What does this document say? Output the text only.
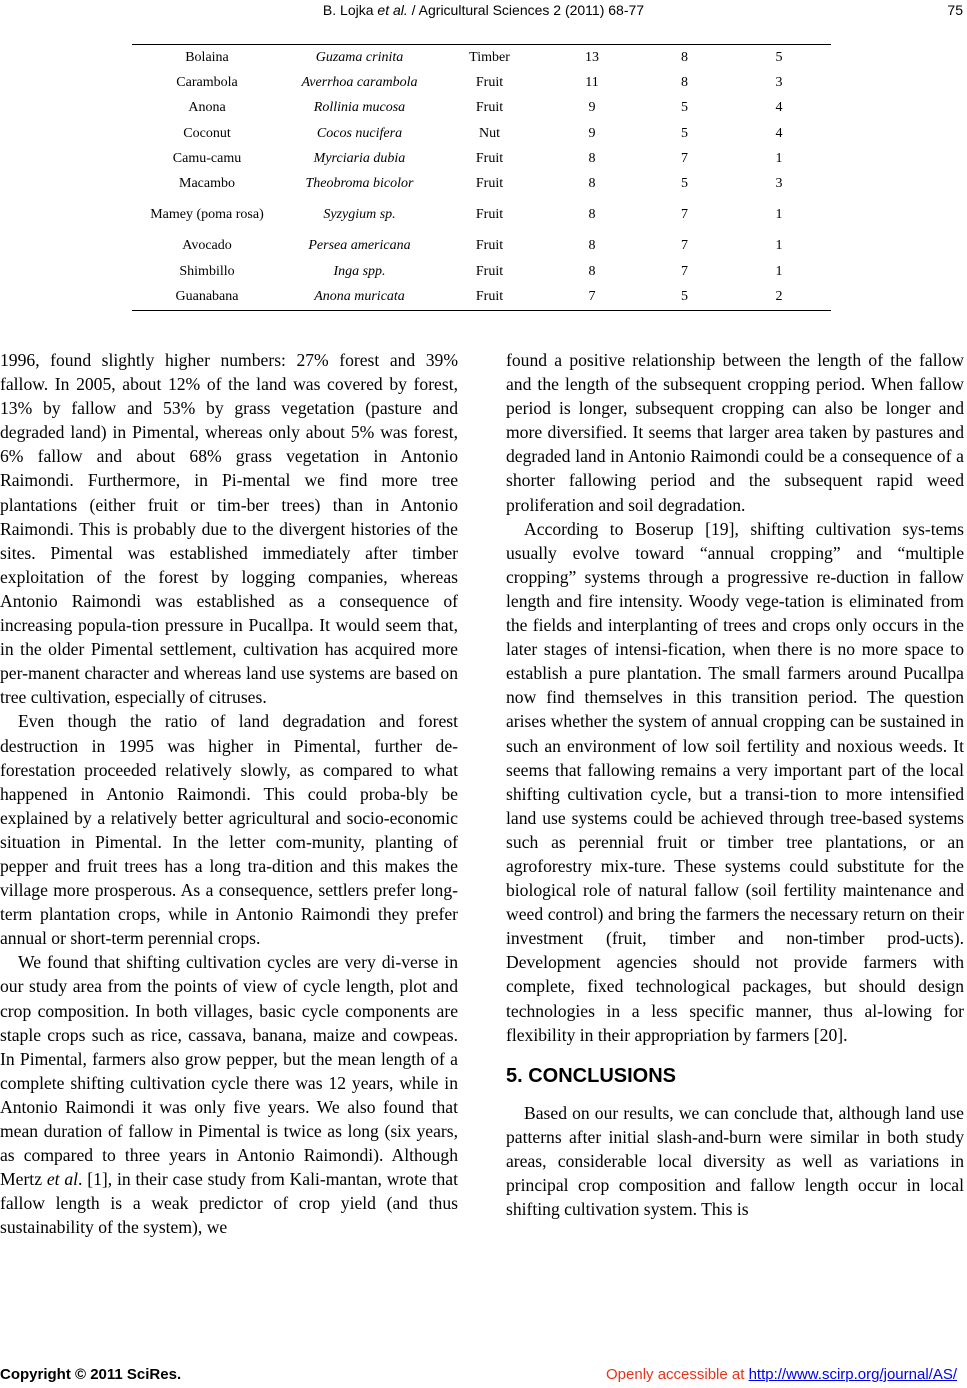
B. Lojka et al. / Agricultural Sciences 2 (2011) 68-77	75
Bolaina	Guzama crinita	Timber	13	8	5
Carambola	Averrhoa carambola	Fruit	11	8	3
Anona	Rollinia mucosa	Fruit	9	5	4
Coconut	Cocos nucifera	Nut	9	5	4
Camu-camu	Myrciaria dubia	Fruit	8	7	1
Macambo	Theobroma bicolor	Fruit	8	5	3
Mamey (poma rosa)	Syzygium sp.	Fruit	8	7	1
Avocado	Persea americana	Fruit	8	7	1
Shimbillo	Inga spp.	Fruit	8	7	1
Guanabana	Anona muricata	Fruit	7	5	2

1996, found slightly higher numbers: 27% forest and 39% fallow. In 2005, about 12% of the land was covered by forest, 13% by fallow and 53% by grass vegetation (pasture and degraded land) in Pimental, whereas only about 5% was forest, 6% fallow and about 68% grass vegetation in Antonio Raimondi. Furthermore, in Pi-mental we find more tree plantations (either fruit or tim-ber trees) than in Antonio Raimondi. This is probably due to the divergent histories of the sites. Pimental was established immediately after timber exploitation of the forest by logging companies, whereas Antonio Raimondi was established as a consequence of increasing popula-tion pressure in Pucallpa. It would seem that, in the older Pimental settlement, cultivation has acquired more per-manent character and whereas land use systems are based on tree cultivation, especially of citruses.

Even though the ratio of land degradation and forest destruction in 1995 was higher in Pimental, further de-forestation proceeded relatively slowly, as compared to what happened in Antonio Raimondi. This could proba-bly be explained by a relatively better agricultural and socio-economic situation in Pimental. In the letter com-munity, planting of pepper and fruit trees has a long tra-dition and this makes the village more prosperous. As a consequence, settlers prefer long-term plantation crops, while in Antonio Raimondi they prefer annual or short-term perennial crops.

We found that shifting cultivation cycles are very di-verse in our study area from the points of view of cycle length, plot and crop composition. In both villages, basic cycle components are staple crops such as rice, cassava, banana, maize and cowpeas. In Pimental, farmers also grow pepper, but the mean length of a complete shifting cultivation cycle there was 12 years, while in Antonio Raimondi it was only five years. We also found that mean duration of fallow in Pimental is twice as long (six years, as compared to three years in Antonio Raimondi). Although Mertz et al. [1], in their case study from Kali-mantan, wrote that fallow length is a weak predictor of crop yield (and thus sustainability of the system), we

found a positive relationship between the length of the fallow and the length of the subsequent cropping period. When fallow period is longer, subsequent cropping can also be longer and more diversified. It seems that larger area taken by pastures and degraded land in Antonio Raimondi could be a consequence of a shorter fallowing period and the subsequent rapid weed proliferation and soil degradation.

According to Boserup [19], shifting cultivation sys-tems usually evolve toward “annual cropping” and “multiple cropping” systems through a progressive re-duction in fallow length and fire intensity. Woody vege-tation is eliminated from the fields and interplanting of trees and crops only occurs in the later stages of intensi-fication, when there is no more space to establish a pure plantation. The small farmers around Pucallpa now find themselves in this transition period. The question arises whether the system of annual cropping can be sustained in such an environment of low soil fertility and noxious weeds. It seems that fallowing remains a very important part of the local shifting cultivation cycle, but a transi-tion to more intensified land use systems could be achieved through tree-based systems such as perennial fruit or timber tree plantations, or an agroforestry mix-ture. These systems could substitute for the biological role of natural fallow (soil fertility maintenance and weed control) and bring the farmers the necessary return on their investment (fruit, timber and non-timber prod-ucts). Development agencies should not provide farmers with complete, fixed technological packages, but should design technologies in a less specific manner, thus al-lowing for flexibility in their appropriation by farmers [20].

5. CONCLUSIONS

Based on our results, we can conclude that, although land use patterns after initial slash-and-burn were similar in both study areas, considerable local diversity as well as variations in principal crop composition and fallow length occur in local shifting cultivation system. This is

Copyright © 2011 SciRes.	Openly accessible at http://www.scirp.org/journal/AS/
